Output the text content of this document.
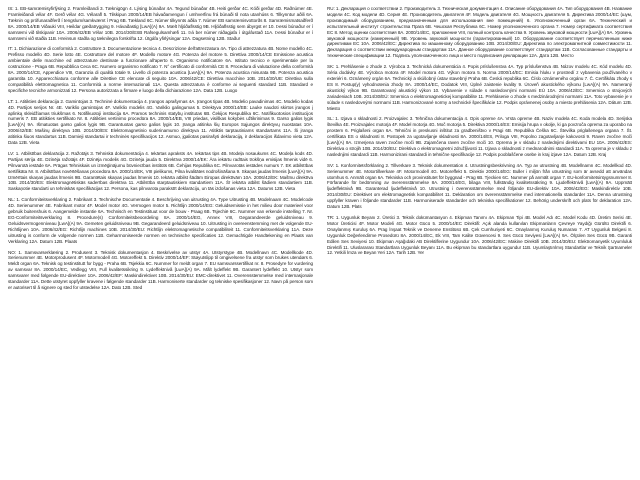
IS: 1. EB-samræmisyfirlýsing 2. Framleiðandi 3. Tæknigögn 4. Lýsing búnaðar 4A. Tegund búnaðar 4B. Heiti gerðar 4C. Kóði gerðar 4D. Raðnúmer 4E. Framleiðandi vélar 4F. Gerð vélar 4G. Vélarafl 5. Tilskipun 2000/14/EB hávaðamengun í umhverfinu frá búnaði til nota utanhúss 6. Tilkynntur aðili 6A. Tæknin og prófunaraðferð í tengslum/samkvæmt í Prag 6B. Tækland 6C. Númer tilkynnts aðila 7. Númer EB samræmisvottorðs 8. Samræmismatsaðferð 8A. 2000/14/EB Viðauki VIII, Heildar gæðatrygging 9. Hávaðastig [LwA](A) 9A. Mælt hljóðaflsstig 9B. Hljóðaflsstig sem ábyrgst er 10. Þessi búnaður er í samræmi við tilskipanir 10A. 2006/42/EB Vélar 10B. 2014/30/ESB Rafsegulsamhæfi 11. Þá ber númer ráðagjafa í útgáfustað 11A. Þessi búnaður er í samræmi við staðla 11B. Hreinsun staðla og tæknilegra forskrifta 12. Útgáfa yfirlýsingar 12A. Dagsetning 12B. Staður

IT: 1. Dichiarazione di conformità 2. Costruttore 3. Documentazione tecnica 4. Descrizione dell'attrezzatura 4A. Tipo di attrezzatura 4B. Nome modello 4C. Prefisso modello 4D. Serie lotto 4E. Costruttore del motore 4F. Modello motore 4G. Potenza del motore 5. Direttiva 2000/14/CE Emissione acustica ambientale delle macchine ed attrezzature destinate a funzionare all'aperto 6. Organismo notificatore 6A. Istituto tecnico e sperimentale per la costruzione - Praga 6B. Repubblica Ceca 6C. Numero organismo notificato 7. N° certificato di conformità CE 8. Procedura di valutazione della conformità 8A. 2000/14/CE, Appendice VIII, Garanzia di qualità totale 9. Livello di potenza acustica [LwA](A) 9A. Potenza acustica misurata 9B. Potenza acustica garantita 10. Apparecchiatura conforme alle Direttive CE elencate di seguito 10A. 2006/42/CE: Direttiva macchine 10B. 2014/30/UE: Direttiva sulla compatibilità elettromagnetica 11. Conformità a norme internazionali 11A. Questa attrezzatura è conforme ai seguenti standard 11B. Standard e specifiche tecniche armonizzati 12. Persona autorizzata a firmare e luogo della dichiarazione 12A. Data 12B. Luogo

LT: 1. Atitikties deklaracija 2. Gamintojas 3. Techninė dokumentacija 4. Įrangos aprašymas 4A. Įrangos tipas 4B. Modelio pavadinimas 4C. Modelio kodas 4D. Partijos serijos Nr. 4E. Variklio gamintojas 4F. Variklio modelis 4G. Variklio galingumas 5. Direktyva 2000/14/EB: Lauke naudoti skirtos įrangos į aplinką skleidžiamas triukšmas 6. Notifikuotoji institucija 6A. Pramos techninis statybų institutas 6B. Čekijos Respublika 6C. Notifikuotosios institucijos numeris 7. EB atitikties sertifikato Nr. 8. Atitikties vertinimo procedūra 8A. 2000/14/EB, VIII priedas, visiškas kokybės užtikrinimas 9. Garso galios lygis [LwA](A) 9A. Išmatuotas garso galios lygis 9B. Garantuotas garso galios lygis 10. Įranga atitinka šių Europos Sąjungos direktyvų nuostatas 10A. 2006/42/EB: Mašinų direktyva 10B. 2014/30/ES: Elektromagnetinio suderinamumo direktyva 11. Atitiktis tarptautiniams standartams 11A. Ši įranga atitinka šiuos standartus 11B. Darnieji standartai ir techninės specifikacijos 12. Asmuo, įgaliotas pasirašyti deklaraciją, ir deklaracijos išdavimo vieta 12A. Data 12B. Vieta

LV: 1. Atbilstības deklarācija 2. Ražotājs 3. Tehniskā dokumentācija 4. Iekārtas apraksts 4A. Iekārtas tips 4B. Modeļa nosaukums 4C. Modeļa kods 4D. Partijas sērija 4E. Dzinēja ražotājs 4F. Dzinēja modelis 4G. Dzinēja jauda 5. Direktīva 2000/14/EK: Āra iekārtu radītais trokšņa emisijas līmenis vidē 6. Pilnvarotā iestāde 6A. Prāgas Tehniskais un izmēģinājumu būvniecības institūts 6B. Čehijas Republika 6C. Pilnvarotās iestādes numurs 7. EK atbilstības sertifikāta Nr. 8. Atbilstības novērtēšanas procedūra 8A. 2000/14/EK, VIII pielikums, Pilna kvalitātes nodrošināšana 9. Skaņas jaudas līmenis [LwA](A) 9A. Izmērītais skaņas jaudas līmenis 9B. Garantētais skaņas jaudas līmenis 10. Iekārta atbilst šādām Eiropas direktīvām 10A. 2006/42/EK: Mašīnu direktīva 10B. 2014/30/ES: Elektromagnētiskās saderības direktīva 11. Atbilstība starptautiskiem standartiem 11A. Šī iekārta atbilst šādiem standartiem 11B. Saskaņotie standarti un tehniskās specifikācijas 12. Persona, kas pilnvarota parakstīt deklarāciju, un tās izdošanas vieta 12A. Datums 12B. Vieta

NL: 1. Conformiteitsverklaring 2. Fabrikant 3. Technische Documentatie 4. Beschrijving van uitrusting 4A. Type Uitrusting 4B. Modelnaam 4C. Modelcode 4D. Serienummer 4E. Fabrikant motor 4F. Model motor 4G. Vermogen motor 5. Richtlijn 2000/14/EG: Geluidsemissie in het milieu door materieel voor gebruik buitenshuis 6. Aangemelde instantie 6A. Technisch en Testinstituut voor de bouw - Praag 6B. Tsjechië 6C. Nummer van erkende instelling 7. Nr. EG-Conformiteitsverklaring 8. Procedure(s) Conformiteitsbeoordeling 8A. 2000/14/EG, Annex VIII, Gegarandeerde geluidsniveau 9. Geluidsvermogenniveau [LwA](A) 9A. Gemeten geluidsniveau 9B. Gegarandeerd geluidsniveau 10. Uitrusting in overeenstemming met de volgende EU-Richtlijnen 10A. 2006/42/EG: Richtlijn machines 10B. 2014/30/EU: Richtlijn elektromagnetische compatibiliteit 11. Conformiteitsverklaring 11A. Deze uitrusting is conform de volgende normen 11B. Geharmoniseerde normen en technische specificaties 12. Gemachtigde Handtekening en Plaats van Verklaring 12A. Datum 12B. Plaats

NO: 1. Samsvarserklæring 2. Produsent 3. Teknisk dokumentasjon 4. Beskrivelse av utstyr 4A. Utstyrstype 4B. Modellnavn 4C. Modellkode 4D. Serienummer 4E. Motorprodusent 4F. Motormodell 4G. Motoreffekt 5. Direktiv 2000/14/EF: Støyutslipp til omgivelsene fra utstyr som brukes utendørs 6. Meldt organ 6A. Teknisk og testinstitutt for bygg - Praha 6B. Tsjekkia 6C. Nummer for meldt organ 7. EU samsvarssertifikat nr. 8. Prosedyre for vurdering av samsvar 8A. 2000/14/EC, Vedlegg VIII, Full kvalitetssikring 9. Lydeffektnivå [LwA](A) 9A. Målt lydeffekt 9B. Garantert lydeffekt 10. Utstyr som samsvarer med følgende EU-direktiver 10A. 2006/42/EF: Maskindirektivet 10B. 2014/30/EU: EMC-direktivet 11. Overensstemmelse med internasjonale standarder 11A. Dette utstyret oppfyller kravene i følgende standarder 11B. Harmoniserte standarder og tekniske spesifikasjoner 12. Navn på person som er autorisert til å signere og sted for utstedelse 12A. Dato 12B. Sted

RU: 1. Декларация о соответствии 2. Производитель 3. Техническая документация 4. Описание оборудования 4A. Тип оборудования 4B. Название модели 4C. Код модели 4D. Серия 4E. Производитель двигателя 4F. Модель двигателя 4G. Мощность двигателя 5. Директива 2000/14/EC (шум, производимый оборудованием, предназначенным для использования вне помещений) 6. Уполномоченный орган 6A. Технический и испытательный институт строительства Прага 6B. Чешская Республика 6C. Номер уполномоченного органа 7. Номер сертификата соответствия ЕС 8. Метод оценки соответствия 8A. 2000/14/EC, приложение VIII, полный контроль качества 9. Уровень звуковой мощности [LwA](A) 9A. Уровень звуковой мощности (измеренный) 9B. Уровень звуковой мощности (гарантированный) 10. Оборудование соответствует перечисленным ниже директивам ЕС 10A. 2006/42/EC: Директива по машинному оборудованию 10B. 2014/30/ЕU: Директива по электромагнитной совместимости 11. Декларация о соответствии международным стандартам 11A. Данное оборудование соответствует стандартам 11B. Согласованные стандарты и технические спецификации 12. Подпись уполномоченного лица и место подписания декларации 12A. Дата 12B. Место

SK: 1. Prehlásenie o zhode 2. Výrobca 3. Technická dokumentácia 4. Popis príslušenstva 4A. Typ príslušenstva 4B. Názov modelu 4C. Kód modelu 4D. Séria dodávky 4E. Výrobca motora 4F. Model motora 4G. Výkon motora 5. Norma 2000/14/EC: Emisia hluku v prostredí z vybavenia používaného v exteriéri 6. Oznámený orgán 6A. Technický a skúšobný ústav stavebný Praha 6B. Česká republika 6C. Číslo oznámeného orgánu 7. Č. Certifikátu zhody s ES 8. Postup(y) vyhodnotenia zhody 8A. 2000/14/EC, Dodatok VIII, Úplné zaistenie kvality 9. Úroveň akustického výkonu [LwA](A) 9A. Nameraný akustický výkon 9B. Garantovaný akustický výkon 10. Vybavenie v súlade s nasledovnými normami EÚ 10A. 2006/42/EC: Smernica o strojových zariadeniach 10B. 2014/30/EÚ: Smernica o elektromagnetickej kompatibilite 11. Prehlásenie o zhode s medzinárodnými normami 11A. Toto vybavenie je v súlade s nasledovnými normami 11B. Harmonizované normy a technické špecifikácie 12. Podpis oprávnenej osoby a miesto prehlásenia 12A. Dátum 12B. Miesto

SL: 1. Izjava o skladnosti 2. Proizvajalec 3. Tehnična dokumentacija 4. Opis opreme 4A. Vrsta opreme 4B. Naziv modela 4C. Koda modela 4D. Serijska številka 4E. Proizvajalec motorja 4F. Model motorja 4G. Moč motorja 5. Direktiva 2000/14/ES: Emisija hrupa v okolje, ki ga povzroča oprema za uporabo na prostem 6. Priglašeni organ 6A. Tehnični in preskusni inštitut za gradbeništvo v Pragi 6B. Republika Češka 6C. Številka priglašenega organa 7. Št. certifikata ES o skladnosti 8. Postopek za ugotavljanje skladnosti 8A. 2000/14/ES, Priloga VIII, Popolno zagotavljanje kakovosti 9. Raven zvočne moči [LwA](A) 9A. Izmerjena raven zvočne moči 9B. Zajamčena raven zvočne moči 10. Oprema je v skladu z naslednjimi direktivami EU 10A. 2006/42/ES: Direktiva o strojih 10B. 2014/30/EU: Direktiva o elektromagnetni združljivosti 11. Izjava o skladnosti z mednarodnimi standardi 11A. Ta oprema je v skladu z naslednjimi standardi 11B. Harmonizirani standardi in tehnične specifikacije 12. Podpis pooblaščene osebe in kraj izjave 12A. Datum 12B. Kraj

SV: 1. Konformitetsförklaring 2. Tillverkare 3. Teknisk dokumentation 4. Utrustningsbeskrivning 4A. Typ av utrustning 4B. Modellnamn 4C. Modellkod 4D. Serienummer 4E. Motortillverkare 4F. Motormodell 4G. Motoreffekt 5. Direktiv 2000/14/EG: Buller i miljön från utrustning som är avsedd att användas utomhus 6. Anmält organ 6A. Tekniska och provinstitutet för byggnad - Prag 6B. Tjeckien 6C. Nummer på anmält organ 7. EU-konformitetsintygsnummer 8. Förfarande för bedömning av överensstämmelse 8A. 2000/14/EG, bilaga VIII, fullständig kvalitetssäkring 9. Ljudeffektnivå [LwA](A) 9A. Uppmätt ljudeffektnivå 9B. Garanterad ljudeffektnivå 10. Utrustning i överensstämmelse med följande EU-direktiv 10A. 2006/42/EG: Maskindirektiv 10B. 2014/30/EU: Direktivet om elektromagnetisk kompatibilitet 11. Deklaration om överensstämmelse med internationella standarder 11A. Denna utrustning uppfyller kraven i följande standarder 11B. Harmoniserade standarder och tekniska specifikationer 12. Behörig underskrift och plats för deklaration 12A. Datum 12B. Plats

TR: 1. Uygunluk Beyanı 2. Üretici 3. Teknik dokümantasyon 4. Ekipman Tanımı 4A. Ekipman Tipi 4B. Model Adı 4C. Model Kodu 4D. Üretim Serisi 4E. Motor Üreticisi 4F. Motor Modeli 4G. Motor Gücü 5. 2000/14/EC Direktifi: Açık alanda kullanılan Ekipmanların Çevreye Yaydığı Gürültü Direktifi 6. Onaylanmış Kuruluş 6A. Prag İnşaat Teknik ve Deneme Enstitüsü 6B. Çek Cumhuriyeti 6C. Onaylanmış Kuruluş Numarası 7. AT Uygunluk Belgesi 8. Uygunluk Değerlendirme Prosedürü 8A. 2000/14/EC, Ek VIII, Tam Kalite Güvencesi 9. Ses Gücü Seviyesi [LwA](A) 9A. Ölçülen Ses Gücü 9B. Garanti Edilen Ses Seviyesi 10. Ekipman Aşağıdaki AB Direktiflerine Uygundur 10A. 2006/42/EC: Makine Direktifi 10B. 2014/30/EU: Elektromanyetik Uyumluluk Direktifi 11. Uluslararası Standartlara Uygunluk Beyanı 11A. Bu ekipman bu standartlara uygundur 11B. Uyumlaştırılmış Standartlar ve Teknik Şartnameler 12. Yetkili İmza ve Beyan Yeri 12A. Tarih 12B. Yer
